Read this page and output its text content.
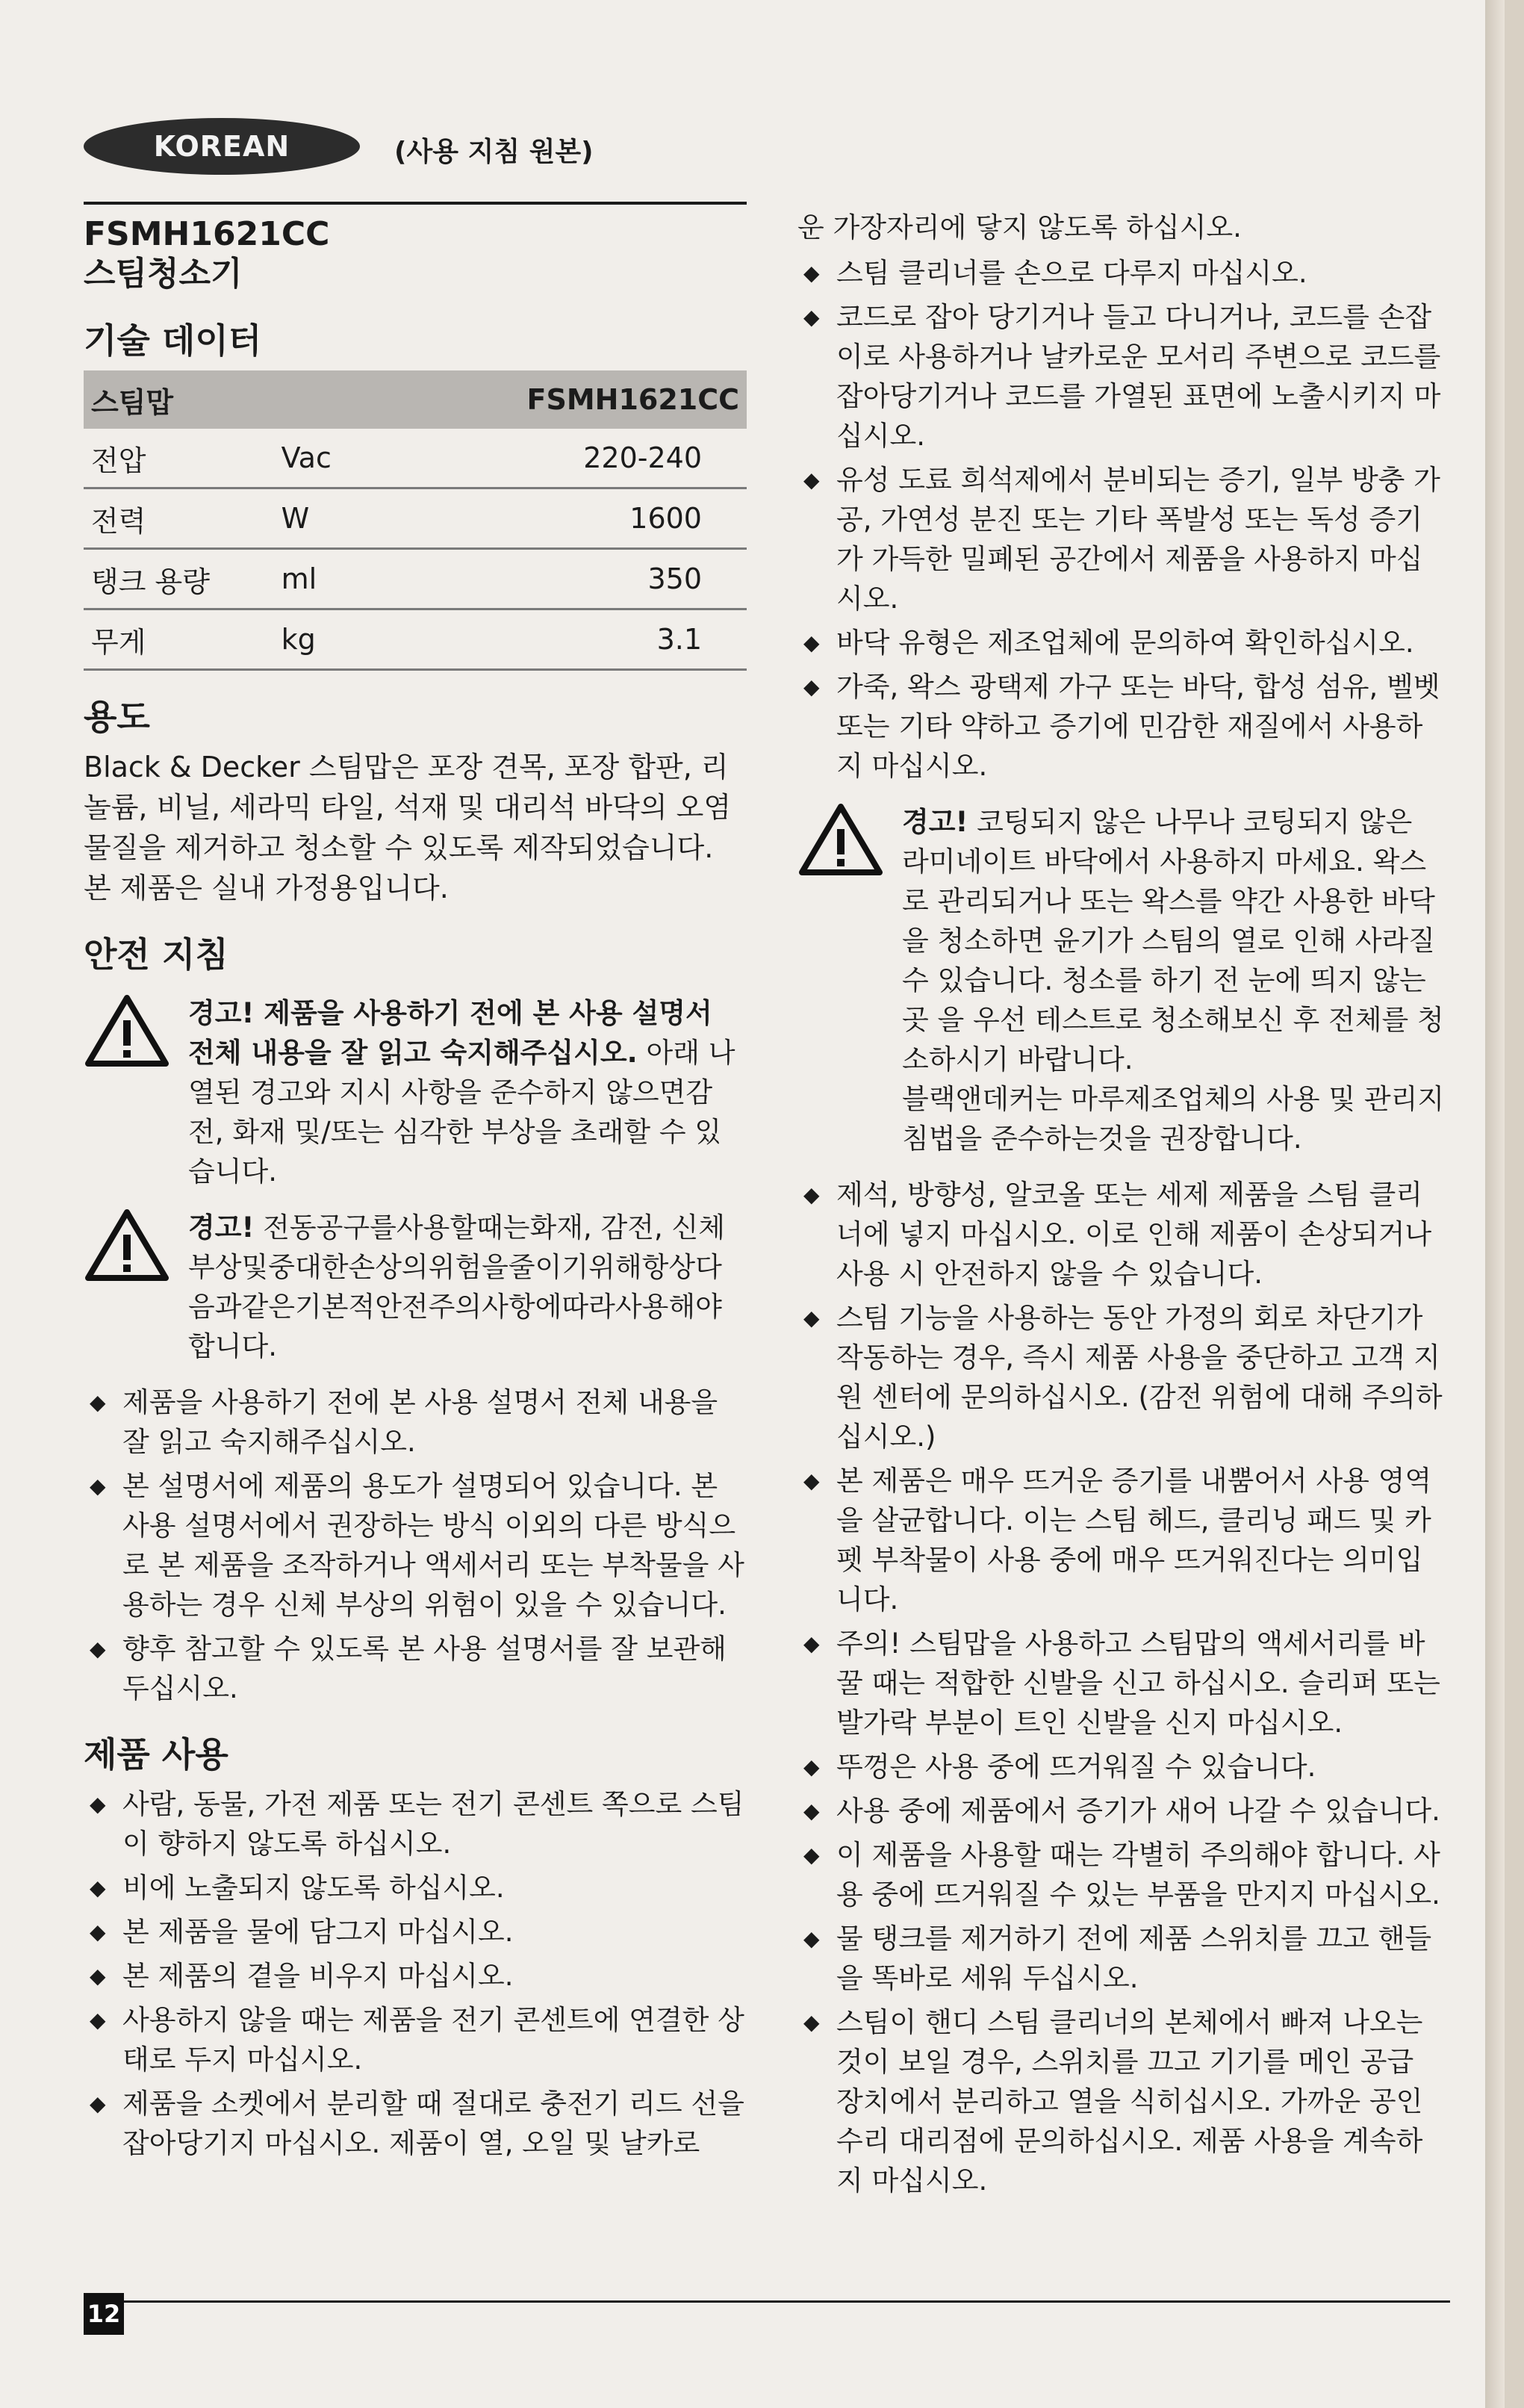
KOREAN	(사용 지침 원본)
FSMH1621CC
스팀청소기
기술 데이터
스팀맙		FSMH1621CC
전압	Vac	220-240
전력	W	1600
탱크 용량	ml	350
무게	kg	3.1
용도

Black & Decker 스팀맙은 포장 견목, 포장 합판, 리놀륨, 비닐, 세라믹 타일, 석재 및 대리석 바닥의 오염물질을 제거하고 청소할 수 있도록 제작되었습니다. 본 제품은 실내 가정용입니다.

안전 지침
경고! 제품을 사용하기 전에 본 사용 설명서 전체 내용을 잘 읽고 숙지해주십시오. 아래 나열된 경고와 지시 사항을 준수하지 않으면감전, 화재 및/또는 심각한 부상을 초래할 수 있습니다.
경고! 전동공구를사용할때는화재, 감전, 신체부상및중대한손상의위험을줄이기위해항상다음과같은기본적안전주의사항에따라사용해야합니다.
◆ 제품을 사용하기 전에 본 사용 설명서 전체 내용을 잘 읽고 숙지해주십시오.
◆ 본 설명서에 제품의 용도가 설명되어 있습니다. 본 사용 설명서에서 권장하는 방식 이외의 다른 방식으로 본 제품을 조작하거나 액세서리 또는 부착물을 사용하는 경우 신체 부상의 위험이 있을 수 있습니다.
◆ 향후 참고할 수 있도록 본 사용 설명서를 잘 보관해 두십시오.
제품 사용
◆ 사람, 동물, 가전 제품 또는 전기 콘센트 쪽으로 스팀이 향하지 않도록 하십시오.
◆ 비에 노출되지 않도록 하십시오.
◆ 본 제품을 물에 담그지 마십시오.
◆ 본 제품의 곁을 비우지 마십시오.
◆ 사용하지 않을 때는 제품을 전기 콘센트에 연결한 상태로 두지 마십시오.
◆ 제품을 소켓에서 분리할 때 절대로 충전기 리드 선을 잡아당기지 마십시오. 제품이 열, 오일 및 날카로

운 가장자리에 닿지 않도록 하십시오.

◆ 스팀 클리너를 손으로 다루지 마십시오.
◆ 코드로 잡아 당기거나 들고 다니거나, 코드를 손잡이로 사용하거나 날카로운 모서리 주변으로 코드를 잡아당기거나 코드를 가열된 표면에 노출시키지 마십시오.
◆ 유성 도료 희석제에서 분비되는 증기, 일부 방충 가공, 가연성 분진 또는 기타 폭발성 또는 독성 증기가 가득한 밀폐된 공간에서 제품을 사용하지 마십시오.
◆ 바닥 유형은 제조업체에 문의하여 확인하십시오.
◆ 가죽, 왁스 광택제 가구 또는 바닥, 합성 섬유, 벨벳 또는 기타 약하고 증기에 민감한 재질에서 사용하지 마십시오.
경고! 코팅되지 않은 나무나 코팅되지 않은 라미네이트 바닥에서 사용하지 마세요. 왁스 로 관리되거나 또는 왁스를 약간 사용한 바닥을 청소하면 윤기가 스팀의 열로 인해 사라질 수 있습니다. 청소를 하기 전 눈에 띄지 않는곳 을 우선 테스트로 청소해보신 후 전체를 청소하시기 바랍니다.
블랙앤데커는 마루제조업체의 사용 및 관리지침법을 준수하는것을 권장합니다.
◆ 제석, 방향성, 알코올 또는 세제 제품을 스팀 클리너에 넣지 마십시오. 이로 인해 제품이 손상되거나 사용 시 안전하지 않을 수 있습니다.
◆ 스팀 기능을 사용하는 동안 가정의 회로 차단기가 작동하는 경우, 즉시 제품 사용을 중단하고 고객 지원 센터에 문의하십시오. (감전 위험에 대해 주의하십시오.)
◆ 본 제품은 매우 뜨거운 증기를 내뿜어서 사용 영역을 살균합니다. 이는 스팀 헤드, 클리닝 패드 및 카펫 부착물이 사용 중에 매우 뜨거워진다는 의미입니다.
◆ 주의! 스팀맙을 사용하고 스팀맙의 액세서리를 바꿀 때는 적합한 신발을 신고 하십시오. 슬리퍼 또는 발가락 부분이 트인 신발을 신지 마십시오.
◆ 뚜껑은 사용 중에 뜨거워질 수 있습니다.
◆ 사용 중에 제품에서 증기가 새어 나갈 수 있습니다.
◆ 이 제품을 사용할 때는 각별히 주의해야 합니다. 사용 중에 뜨거워질 수 있는 부품을 만지지 마십시오.
◆ 물 탱크를 제거하기 전에 제품 스위치를 끄고 핸들을 똑바로 세워 두십시오.
◆ 스팀이 핸디 스팀 클리너의 본체에서 빠져 나오는 것이 보일 경우, 스위치를 끄고 기기를 메인 공급 장치에서 분리하고 열을 식히십시오. 가까운 공인 수리 대리점에 문의하십시오. 제품 사용을 계속하지 마십시오.
12
